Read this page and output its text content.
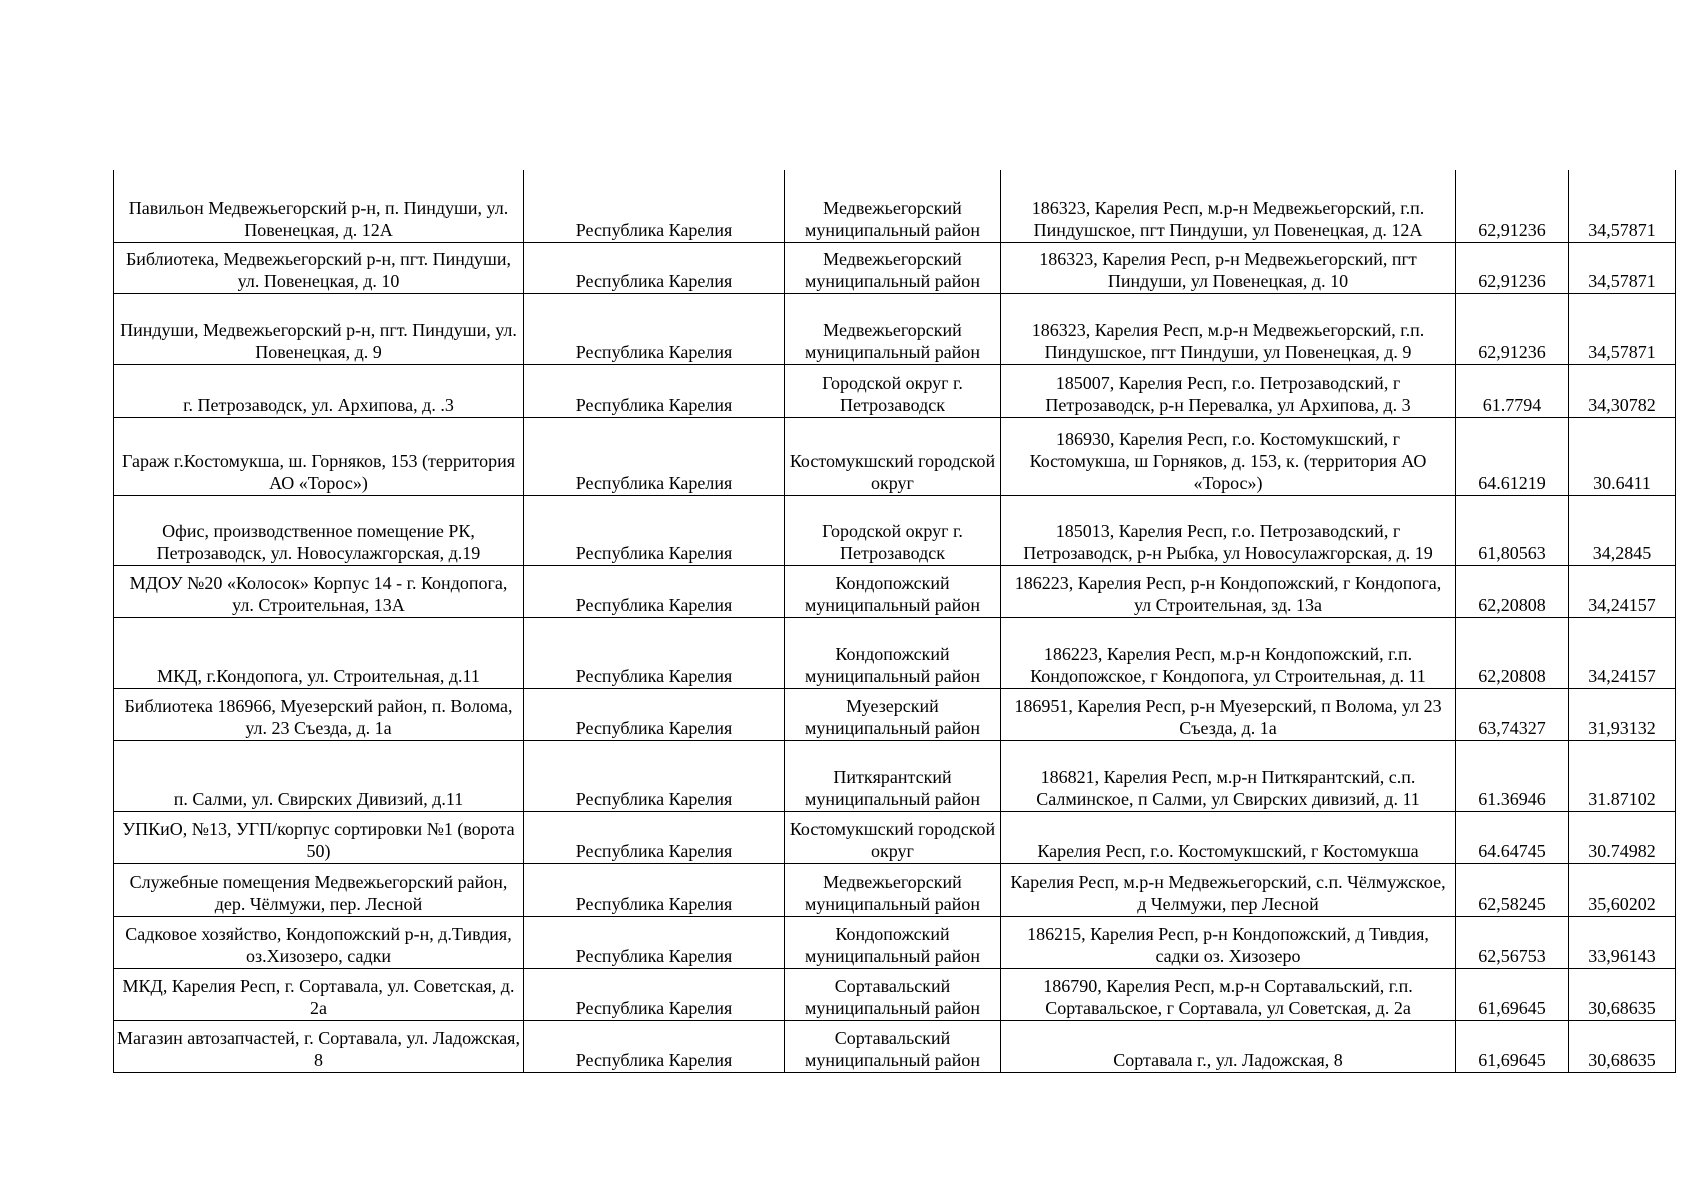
Павильон Медвежьегорский р-н, п. Пиндуши, ул. Повенецкая, д. 12А	Республика Карелия	Медвежьегорский муниципальный район	186323, Карелия Респ, м.р-н Медвежьегорский, г.п. Пиндушское, пгт Пиндуши, ул Повенецкая, д. 12А	62,91236	34,57871
Библиотека, Медвежьегорский р-н, пгт. Пиндуши, ул. Повенецкая, д. 10	Республика Карелия	Медвежьегорский муниципальный район	186323, Карелия Респ, р-н Медвежьегорский, пгт Пиндуши, ул Повенецкая, д. 10	62,91236	34,57871
Пиндуши, Медвежьегорский р-н, пгт. Пиндуши, ул. Повенецкая, д. 9	Республика Карелия	Медвежьегорский муниципальный район	186323, Карелия Респ, м.р-н Медвежьегорский, г.п. Пиндушское, пгт Пиндуши, ул Повенецкая, д. 9	62,91236	34,57871
г. Петрозаводск, ул. Архипова, д. .3	Республика Карелия	Городской округ г. Петрозаводск	185007, Карелия Респ, г.о. Петрозаводский, г Петрозаводск, р-н Перевалка, ул Архипова, д. 3	61.7794	34,30782
Гараж г.Костомукша, ш. Горняков, 153 (территория АО «Торос»)	Республика Карелия	Костомукшский городской округ	186930, Карелия Респ, г.о. Костомукшский, г Костомукша, ш Горняков, д. 153, к. (территория АО «Торос»)	64.61219	30.6411
Офис, производственное помещение РК, Петрозаводск, ул. Новосулажгорская, д.19	Республика Карелия	Городской округ г. Петрозаводск	185013, Карелия Респ, г.о. Петрозаводский, г Петрозаводск, р-н Рыбка, ул Новосулажгорская, д. 19	61,80563	34,2845
МДОУ №20 «Колосок» Корпус 14 - г. Кондопога, ул. Строительная, 13А	Республика Карелия	Кондопожский муниципальный район	186223, Карелия Респ, р-н Кондопожский, г Кондопога, ул Строительная, зд. 13а	62,20808	34,24157
МКД, г.Кондопога, ул. Строительная, д.11	Республика Карелия	Кондопожский муниципальный район	186223, Карелия Респ, м.р-н Кондопожский, г.п. Кондопожское, г Кондопога, ул Строительная, д. 11	62,20808	34,24157
Библиотека 186966, Муезерский район, п. Волома, ул. 23 Съезда, д. 1а	Республика Карелия	Муезерский муниципальный район	186951, Карелия Респ, р-н Муезерский, п Волома, ул 23 Съезда, д. 1а	63,74327	31,93132
п. Салми, ул. Свирских Дивизий, д.11	Республика Карелия	Питкярантский муниципальный район	186821, Карелия Респ, м.р-н Питкярантский, с.п. Салминское, п Салми, ул Свирских дивизий, д. 11	61.36946	31.87102
УПКиО, №13, УГП/корпус сортировки №1 (ворота 50)	Республика Карелия	Костомукшский городской округ	Карелия Респ, г.о. Костомукшский, г Костомукша	64.64745	30.74982
Служебные помещения Медвежьегорский район, дер. Чёлмужи, пер. Лесной	Республика Карелия	Медвежьегорский муниципальный район	Карелия Респ, м.р-н Медвежьегорский, с.п. Чёлмужское, д Челмужи, пер Лесной	62,58245	35,60202
Садковое хозяйство, Кондопожский р-н, д.Тивдия, оз.Хизозеро, садки	Республика Карелия	Кондопожский муниципальный район	186215, Карелия Респ, р-н Кондопожский, д Тивдия, садки оз. Хизозеро	62,56753	33,96143
МКД, Карелия Респ, г. Сортавала, ул. Советская, д. 2а	Республика Карелия	Сортавальский муниципальный район	186790, Карелия Респ, м.р-н Сортавальский, г.п. Сортавальское, г Сортавала, ул Советская, д. 2а	61,69645	30,68635
Магазин автозапчастей, г. Сортавала, ул. Ладожская, 8	Республика Карелия	Сортавальский муниципальный район	Сортавала г., ул. Ладожская, 8	61,69645	30,68635
